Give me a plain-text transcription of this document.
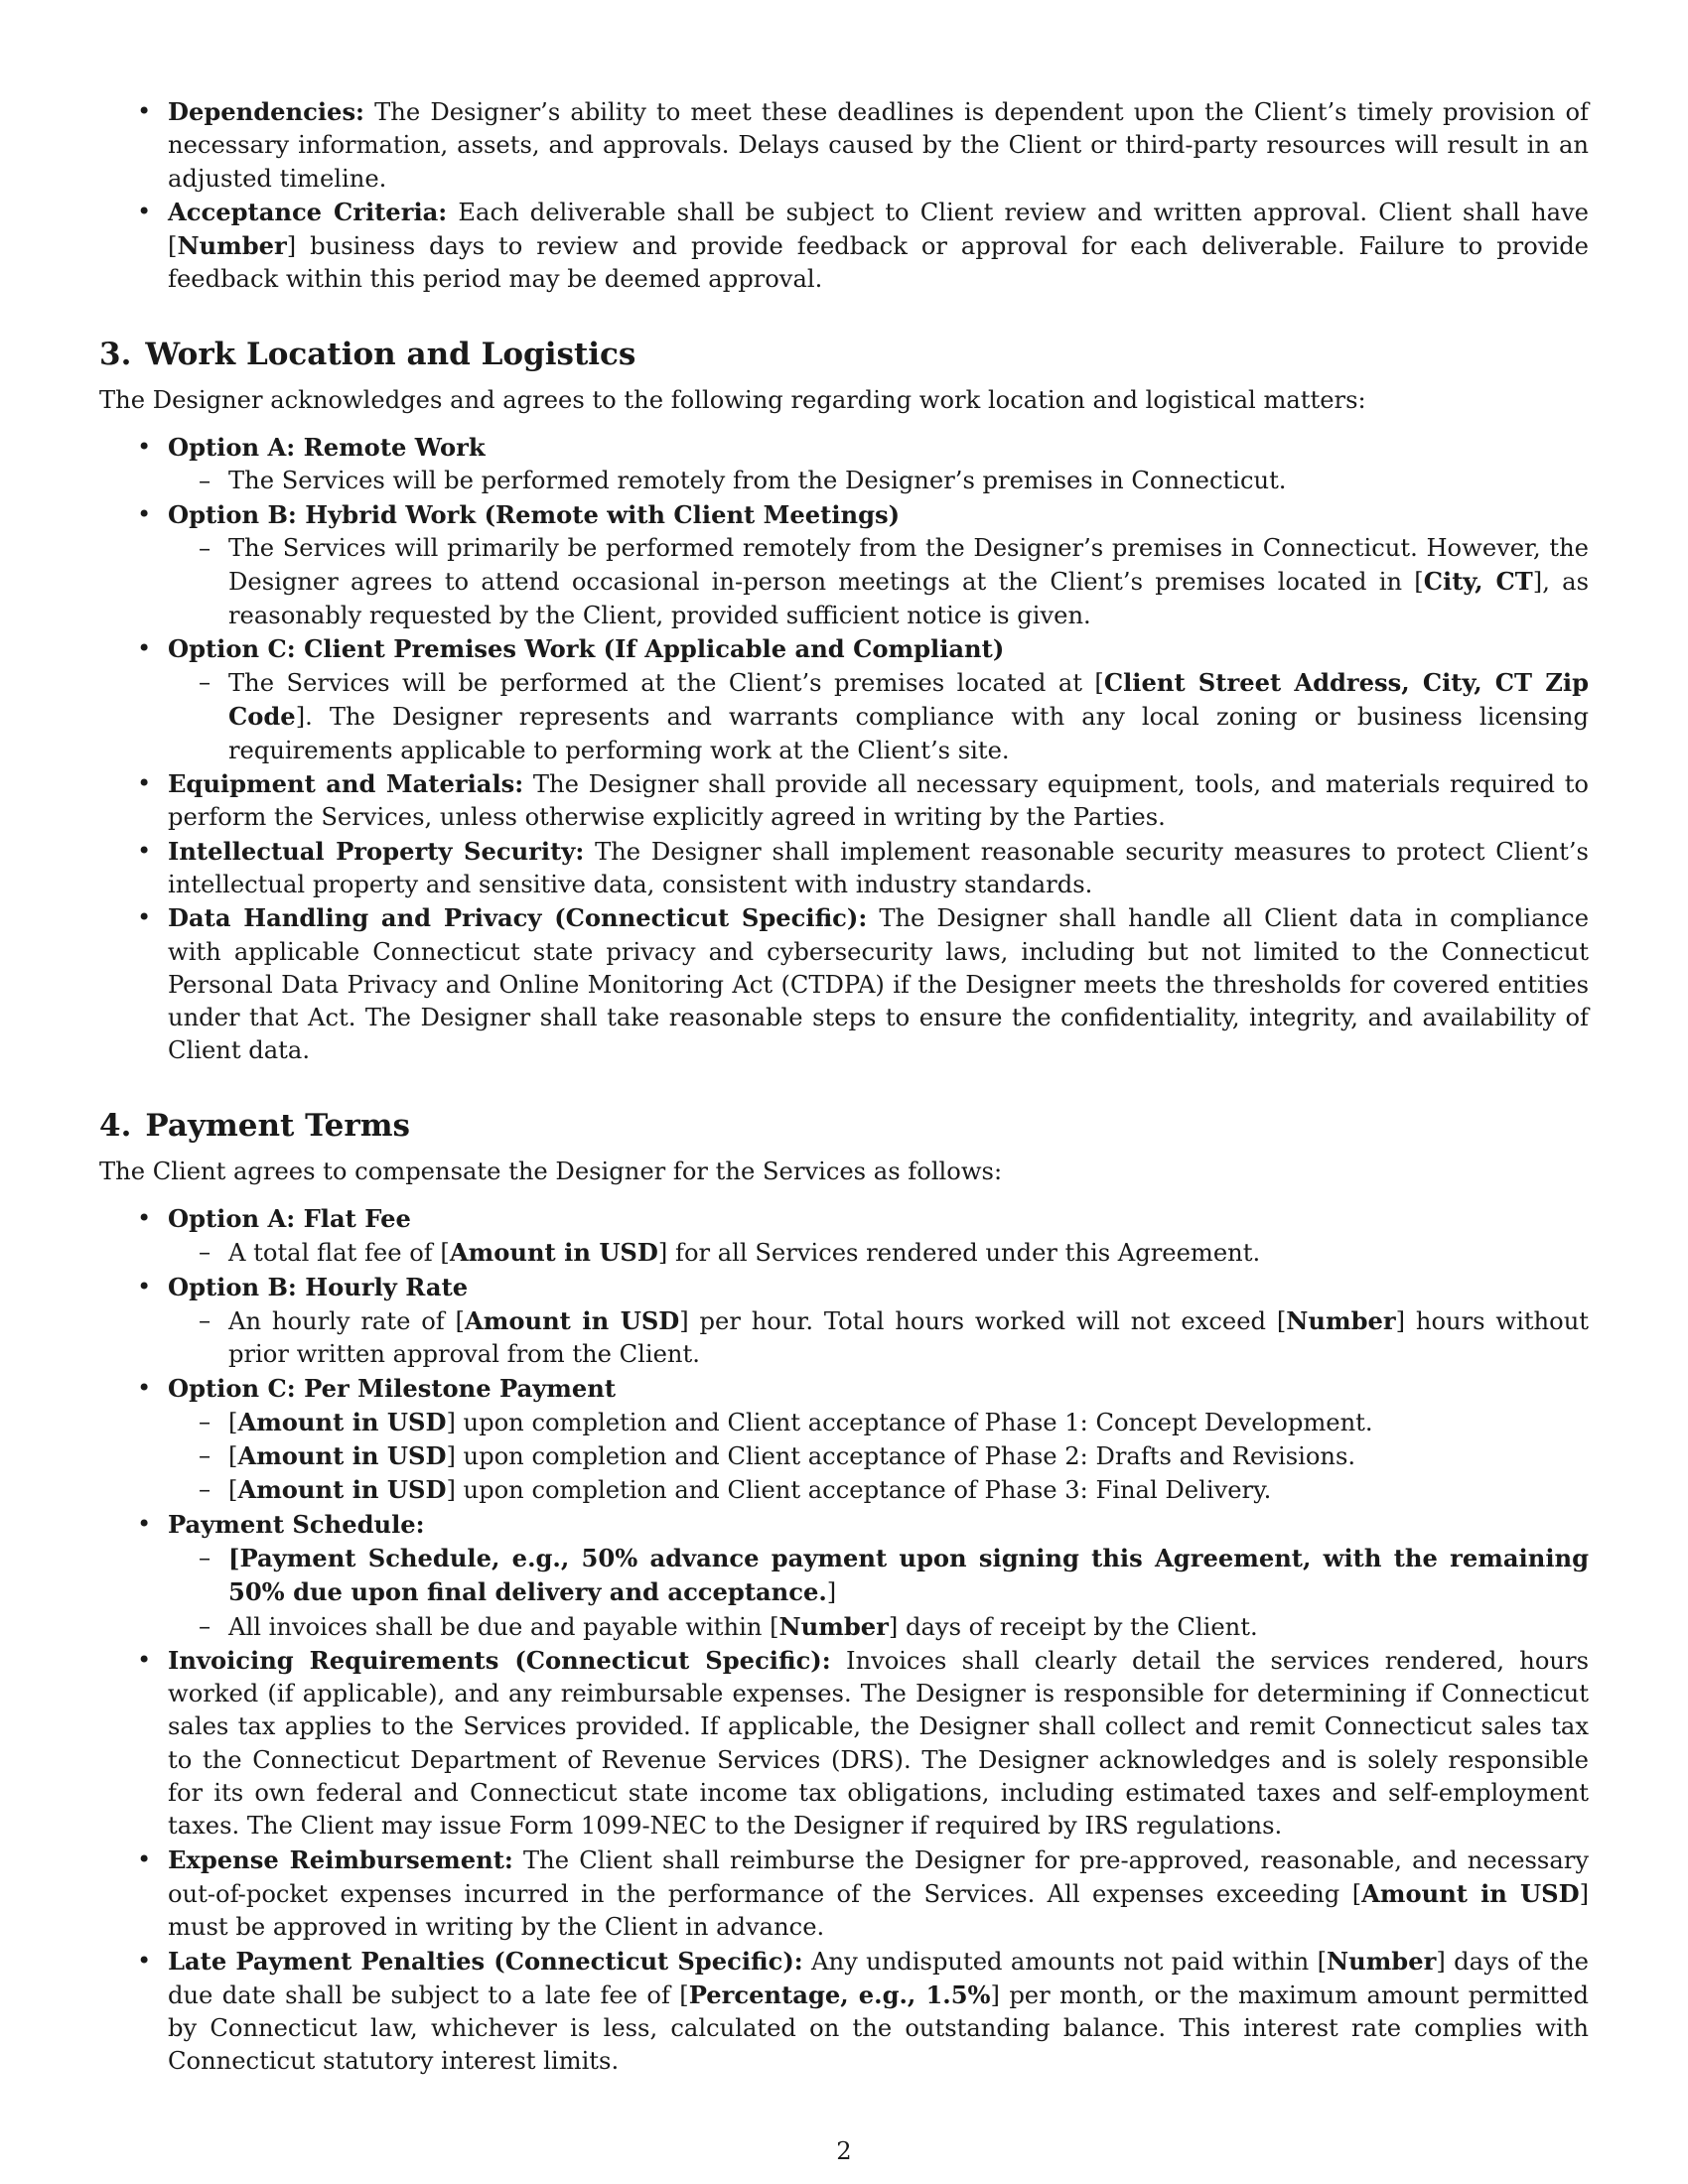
• Dependencies: The Designer’s ability to meet these deadlines is dependent upon the Client’s timely provision of necessary information, assets, and approvals. Delays caused by the Client or third-party resources will result in an adjusted timeline.
• Acceptance Criteria: Each deliverable shall be subject to Client review and written approval. Client shall have [Number] business days to review and provide feedback or approval for each deliverable. Failure to provide feedback within this period may be deemed approval.
3. Work Location and Logistics

The Designer acknowledges and agrees to the following regarding work location and logistical matters:

• Option A: Remote Work
– The Services will be performed remotely from the Designer’s premises in Connecticut.
• Option B: Hybrid Work (Remote with Client Meetings)
– The Services will primarily be performed remotely from the Designer’s premises in Connecticut. However, the Designer agrees to attend occasional in-person meetings at the Client’s premises located in [City, CT], as reasonably requested by the Client, provided sufficient notice is given.
• Option C: Client Premises Work (If Applicable and Compliant)
– The Services will be performed at the Client’s premises located at [Client Street Address, City, CT Zip Code]. The Designer represents and warrants compliance with any local zoning or business licensing requirements applicable to performing work at the Client’s site.
• Equipment and Materials: The Designer shall provide all necessary equipment, tools, and materials required to perform the Services, unless otherwise explicitly agreed in writing by the Parties.
• Intellectual Property Security: The Designer shall implement reasonable security measures to protect Client’s intellectual property and sensitive data, consistent with industry standards.
• Data Handling and Privacy (Connecticut Specific): The Designer shall handle all Client data in compliance with applicable Connecticut state privacy and cybersecurity laws, including but not limited to the Connecticut Personal Data Privacy and Online Monitoring Act (CTDPA) if the Designer meets the thresholds for covered entities under that Act. The Designer shall take reasonable steps to ensure the confidentiality, integrity, and availability of Client data.
4. Payment Terms

The Client agrees to compensate the Designer for the Services as follows:

• Option A: Flat Fee
– A total flat fee of [Amount in USD] for all Services rendered under this Agreement.
• Option B: Hourly Rate
– An hourly rate of [Amount in USD] per hour. Total hours worked will not exceed [Number] hours without prior written approval from the Client.
• Option C: Per Milestone Payment
– [Amount in USD] upon completion and Client acceptance of Phase 1: Concept Development.
– [Amount in USD] upon completion and Client acceptance of Phase 2: Drafts and Revisions.
– [Amount in USD] upon completion and Client acceptance of Phase 3: Final Delivery.
• Payment Schedule:
– [Payment Schedule, e.g., 50% advance payment upon signing this Agreement, with the remaining 50% due upon final delivery and acceptance.]
– All invoices shall be due and payable within [Number] days of receipt by the Client.
• Invoicing Requirements (Connecticut Specific): Invoices shall clearly detail the services rendered, hours worked (if applicable), and any reimbursable expenses. The Designer is responsible for determining if Connecticut sales tax applies to the Services provided. If applicable, the Designer shall collect and remit Connecticut sales tax to the Connecticut Department of Revenue Services (DRS). The Designer acknowledges and is solely responsible for its own federal and Connecticut state income tax obligations, including estimated taxes and self-employment taxes. The Client may issue Form 1099-NEC to the Designer if required by IRS regulations.
• Expense Reimbursement: The Client shall reimburse the Designer for pre-approved, reasonable, and necessary out-of-pocket expenses incurred in the performance of the Services. All expenses exceeding [Amount in USD] must be approved in writing by the Client in advance.
• Late Payment Penalties (Connecticut Specific): Any undisputed amounts not paid within [Number] days of the due date shall be subject to a late fee of [Percentage, e.g., 1.5%] per month, or the maximum amount permitted by Connecticut law, whichever is less, calculated on the outstanding balance. This interest rate complies with Connecticut statutory interest limits.
2
